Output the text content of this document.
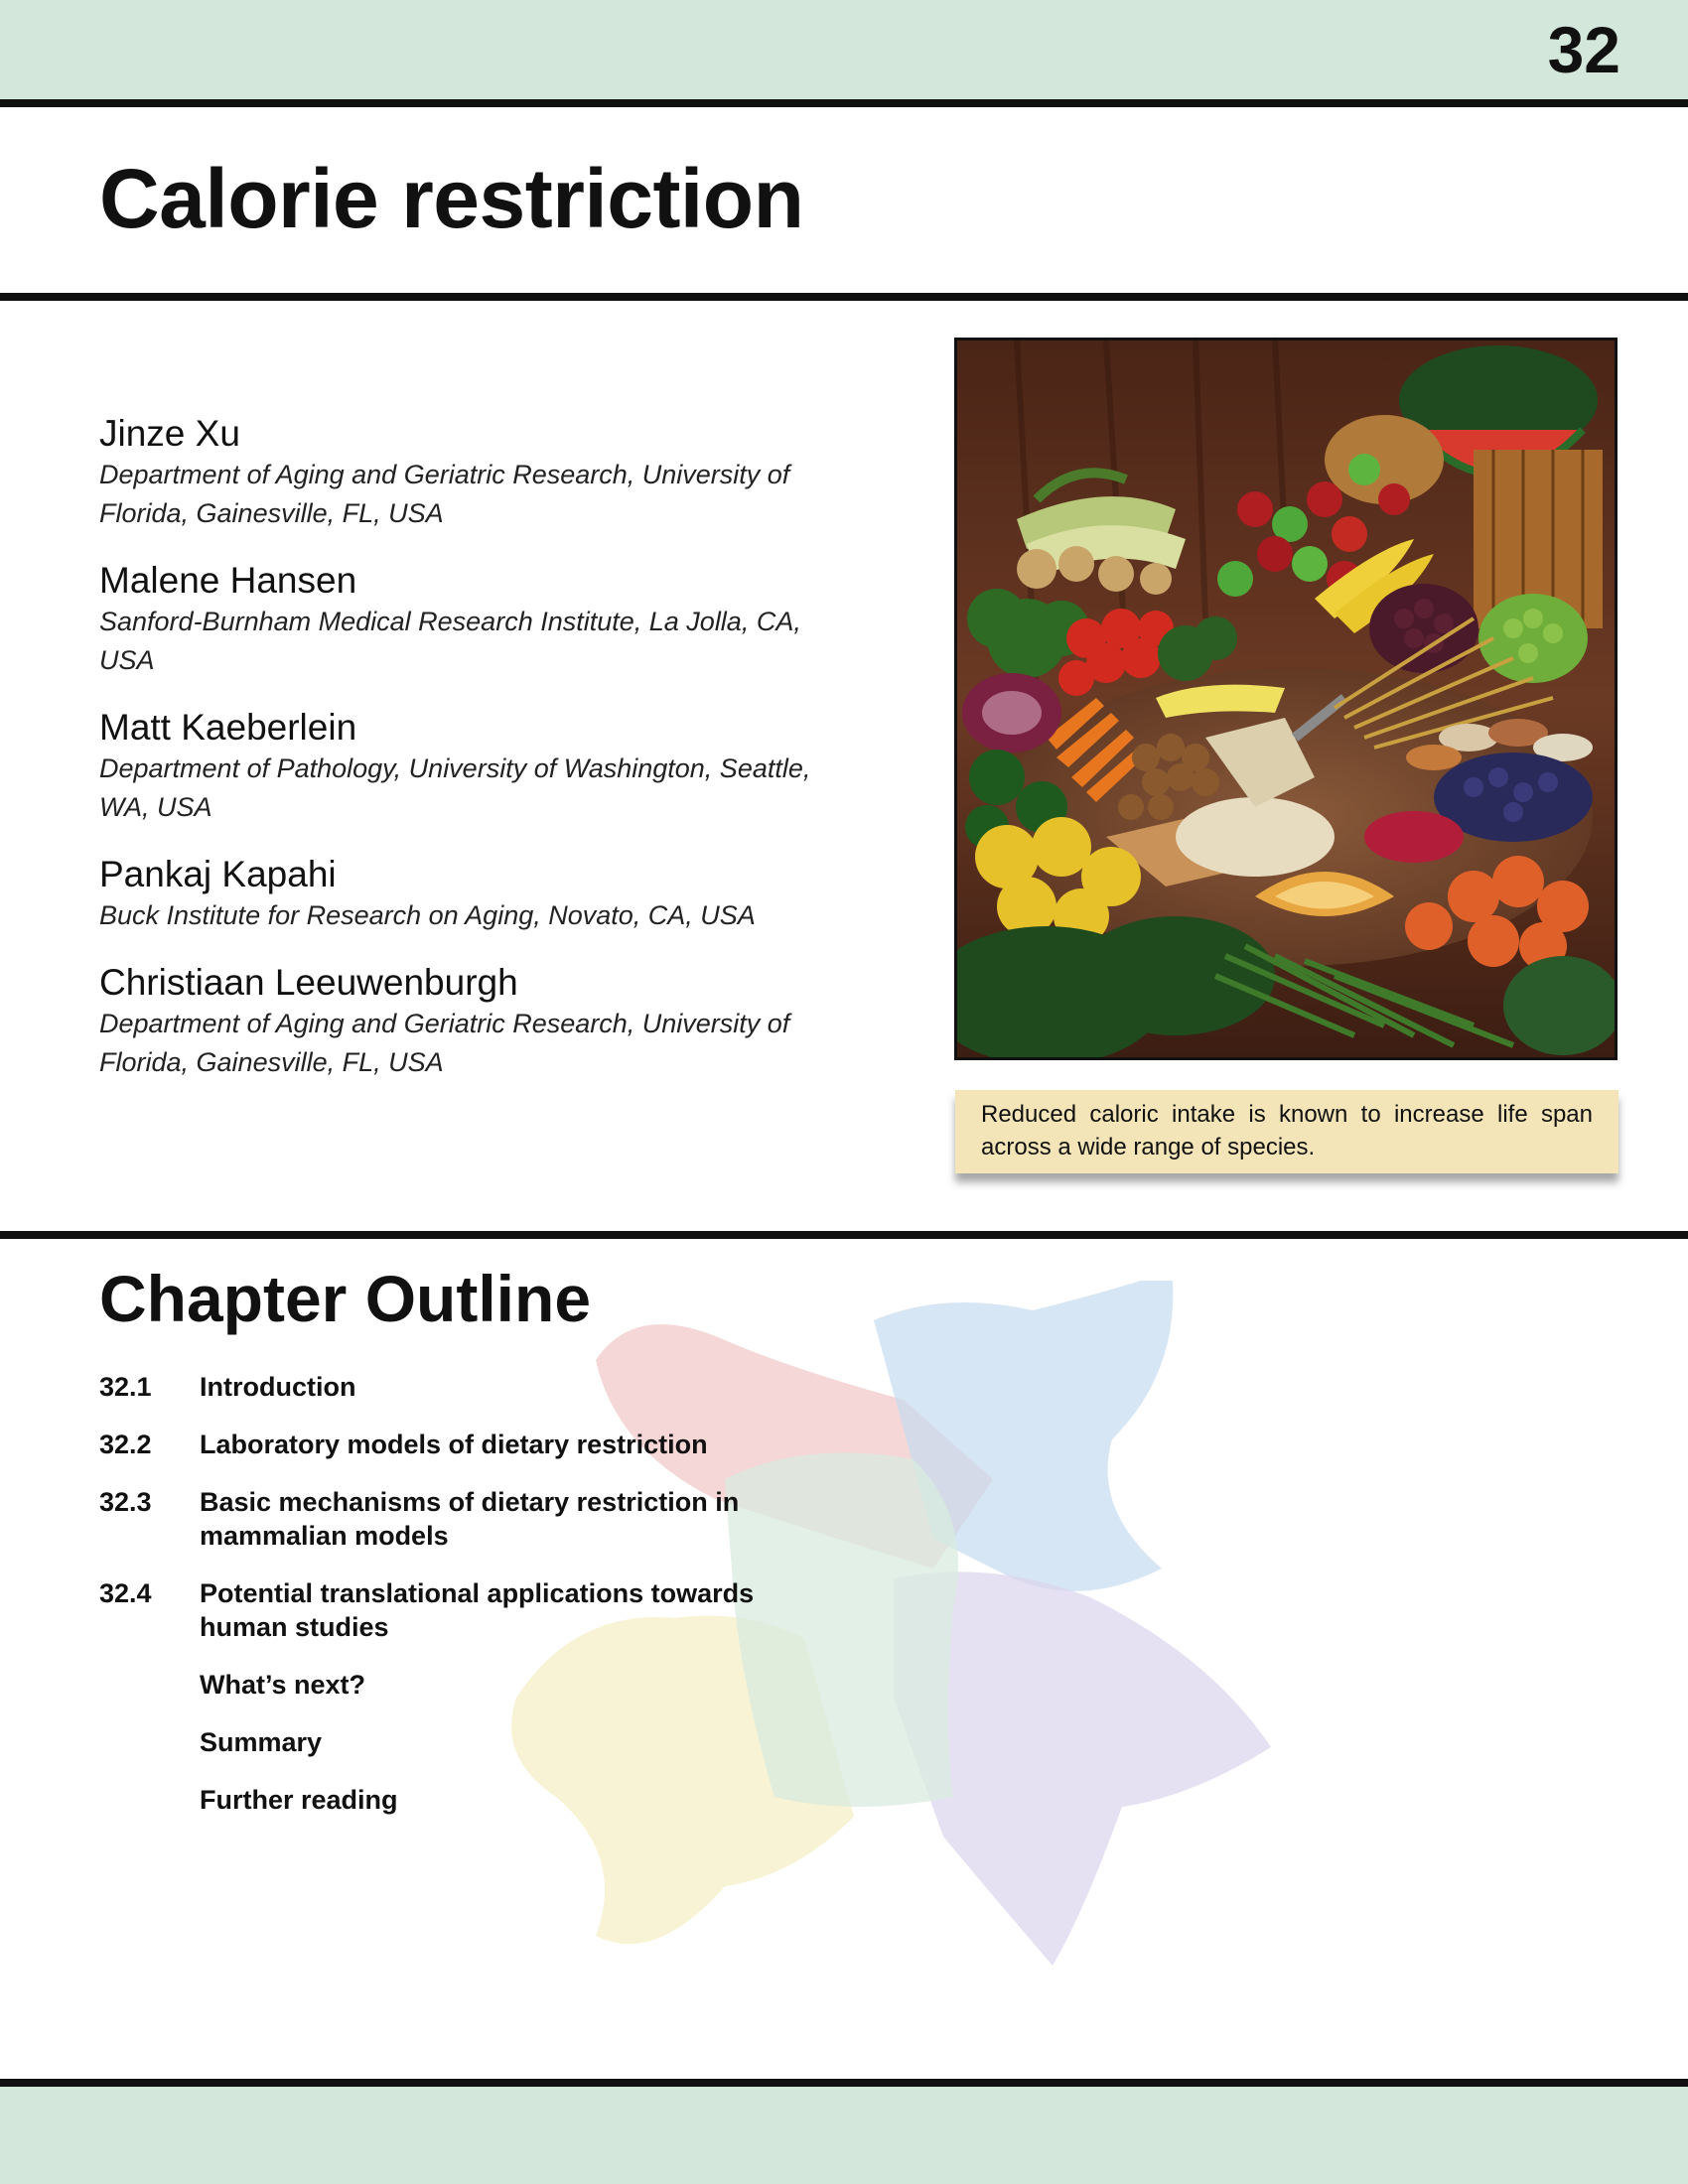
32
Calorie restriction
Jinze Xu
Department of Aging and Geriatric Research, University of Florida, Gainesville, FL, USA
Malene Hansen
Sanford-Burnham Medical Research Institute, La Jolla, CA, USA
Matt Kaeberlein
Department of Pathology, University of Washington, Seattle, WA, USA
Pankaj Kapahi
Buck Institute for Research on Aging, Novato, CA, USA
Christiaan Leeuwenburgh
Department of Aging and Geriatric Research, University of Florida, Gainesville, FL, USA
Reduced caloric intake is known to increase life span across a wide range of species.
Chapter Outline
32.1 Introduction
32.2 Laboratory models of dietary restriction
32.3 Basic mechanisms of dietary restriction in mammalian models
32.4 Potential translational applications towards human studies
What’s next?
Summary
Further reading
